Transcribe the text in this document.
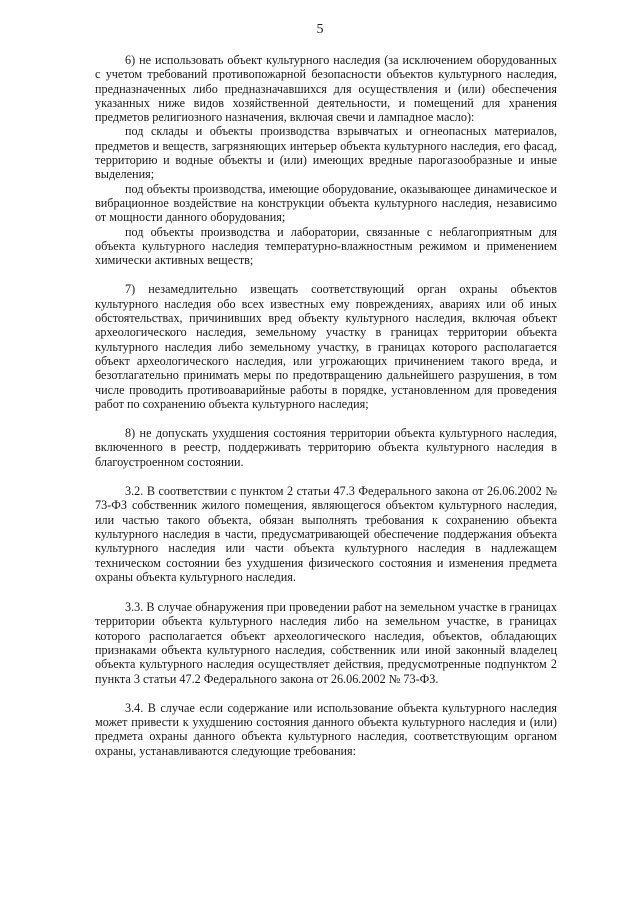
5

6) не использовать объект культурного наследия (за исключением оборудованных с учетом требований противопожарной безопасности объектов культурного наследия, предназначенных либо предназначавшихся для осуществления и (или) обеспечения указанных ниже видов хозяйственной деятельности, и помещений для хранения предметов религиозного назначения, включая свечи и лампадное масло):

под склады и объекты производства взрывчатых и огнеопасных материалов, предметов и веществ, загрязняющих интерьер объекта культурного наследия, его фасад, территорию и водные объекты и (или) имеющих вредные парогазообразные и иные выделения;

под объекты производства, имеющие оборудование, оказывающее динамическое и вибрационное воздействие на конструкции объекта культурного наследия, независимо от мощности данного оборудования;

под объекты производства и лаборатории, связанные с неблагоприятным для объекта культурного наследия температурно-влажностным режимом и применением химически активных веществ;

7) незамедлительно извещать соответствующий орган охраны объектов культурного наследия обо всех известных ему повреждениях, авариях или об иных обстоятельствах, причинивших вред объекту культурного наследия, включая объект археологического наследия, земельному участку в границах территории объекта культурного наследия либо земельному участку, в границах которого располагается объект археологического наследия, или угрожающих причинением такого вреда, и безотлагательно принимать меры по предотвращению дальнейшего разрушения, в том числе проводить противоаварийные работы в порядке, установленном для проведения работ по сохранению объекта культурного наследия;

8) не допускать ухудшения состояния территории объекта культурного наследия, включенного в реестр, поддерживать территорию объекта культурного наследия в благоустроенном состоянии.

3.2. В соответствии с пунктом 2 статьи 47.3 Федерального закона от 26.06.2002 № 73-ФЗ собственник жилого помещения, являющегося объектом культурного наследия, или частью такого объекта, обязан выполнять требования к сохранению объекта культурного наследия в части, предусматривающей обеспечение поддержания объекта культурного наследия или части объекта культурного наследия в надлежащем техническом состоянии без ухудшения физического состояния и изменения предмета охраны объекта культурного наследия.

3.3. В случае обнаружения при проведении работ на земельном участке в границах территории объекта культурного наследия либо на земельном участке, в границах которого располагается объект археологического наследия, объектов, обладающих признаками объекта культурного наследия, собственник или иной законный владелец объекта культурного наследия осуществляет действия, предусмотренные подпунктом 2 пункта 3 статьи 47.2 Федерального закона от 26.06.2002 № 73-ФЗ.

3.4. В случае если содержание или использование объекта культурного наследия может привести к ухудшению состояния данного объекта культурного наследия и (или) предмета охраны данного объекта культурного наследия, соответствующим органом охраны, устанавливаются следующие требования:
